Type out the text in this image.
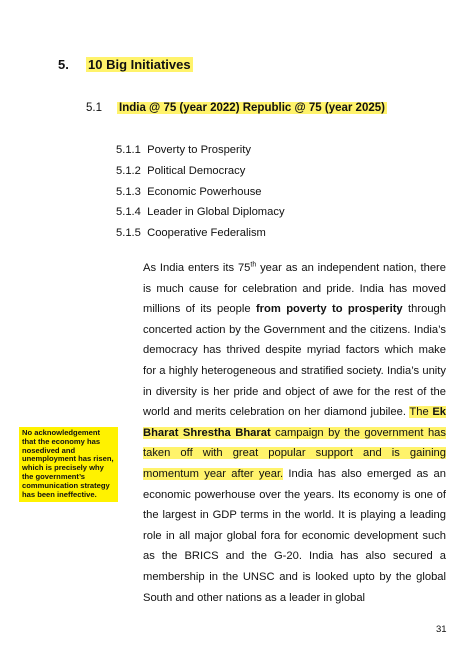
5. 10 Big Initiatives
5.1 India @ 75 (year 2022) Republic @ 75 (year 2025)
5.1.1 Poverty to Prosperity
5.1.2 Political Democracy
5.1.3 Economic Powerhouse
5.1.4 Leader in Global Diplomacy
5.1.5 Cooperative Federalism

As India enters its 75th year as an independent nation, there is much cause for celebration and pride. India has moved millions of its people from poverty to prosperity through concerted action by the Government and the citizens. India’s democracy has thrived despite myriad factors which make for a highly heterogeneous and stratified society. India’s unity in diversity is her pride and object of awe for the rest of the world and merits celebration on her diamond jubilee. The Ek Bharat Shrestha Bharat campaign by the government has taken off with great popular support and is gaining momentum year after year. India has also emerged as an economic powerhouse over the years. Its economy is one of the largest in GDP terms in the world. It is playing a leading role in all major global fora for economic development such as the BRICS and the G-20. India has also secured a membership in the UNSC and is looked upto by the global South and other nations as a leader in global

No acknowledgement that the economy has nosedived and unemployment has risen, which is precisely why the government’s communication strategy has been ineffective.
31
